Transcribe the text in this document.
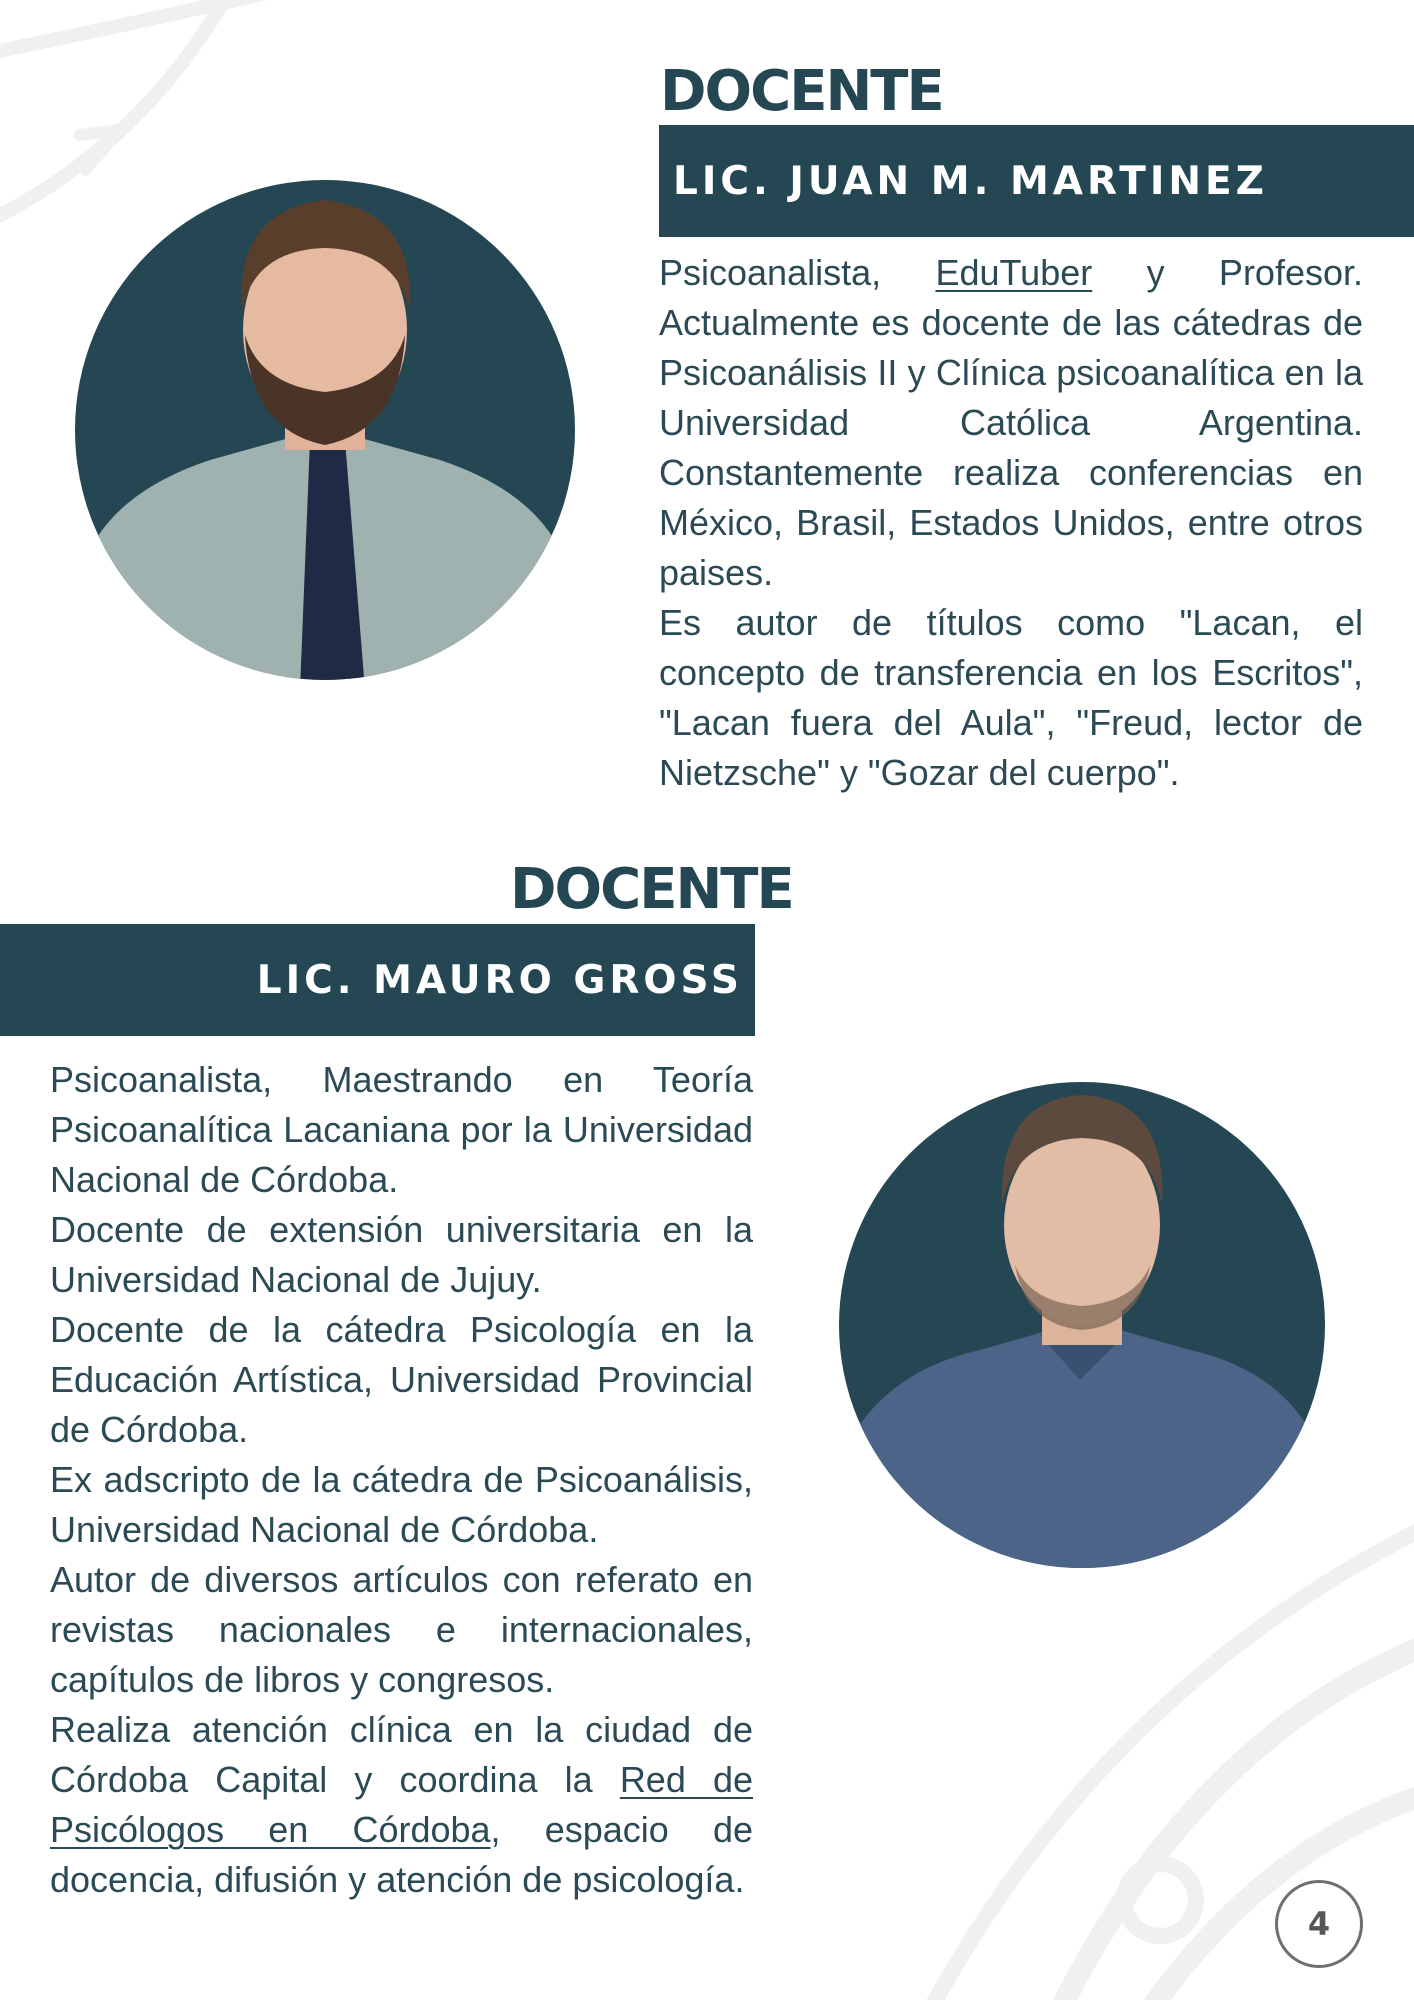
DOCENTE
LIC. JUAN M. MARTINEZ

Psicoanalista, EduTuber y Profesor. Actualmente es docente de las cátedras de Psicoanálisis II y Clínica psicoanalítica en la Universidad Católica Argentina. Constantemente realiza conferencias en México, Brasil, Estados Unidos, entre otros paises.

Es autor de títulos como "Lacan, el concepto de transferencia en los Escritos", "Lacan fuera del Aula", "Freud, lector de Nietzsche" y "Gozar del cuerpo".

DOCENTE
LIC. MAURO GROSS

Psicoanalista, Maestrando en Teoría Psicoanalítica Lacaniana por la Universidad Nacional de Córdoba.

Docente de extensión universitaria en la Universidad Nacional de Jujuy.

Docente de la cátedra Psicología en la Educación Artística, Universidad Provincial de Córdoba.

Ex adscripto de la cátedra de Psicoanálisis, Universidad Nacional de Córdoba.

Autor de diversos artículos con referato en revistas nacionales e internacionales, capítulos de libros y congresos.

Realiza atención clínica en la ciudad de Córdoba Capital y coordina la Red de Psicólogos en Córdoba, espacio de docencia, difusión y atención de psicología.

4
